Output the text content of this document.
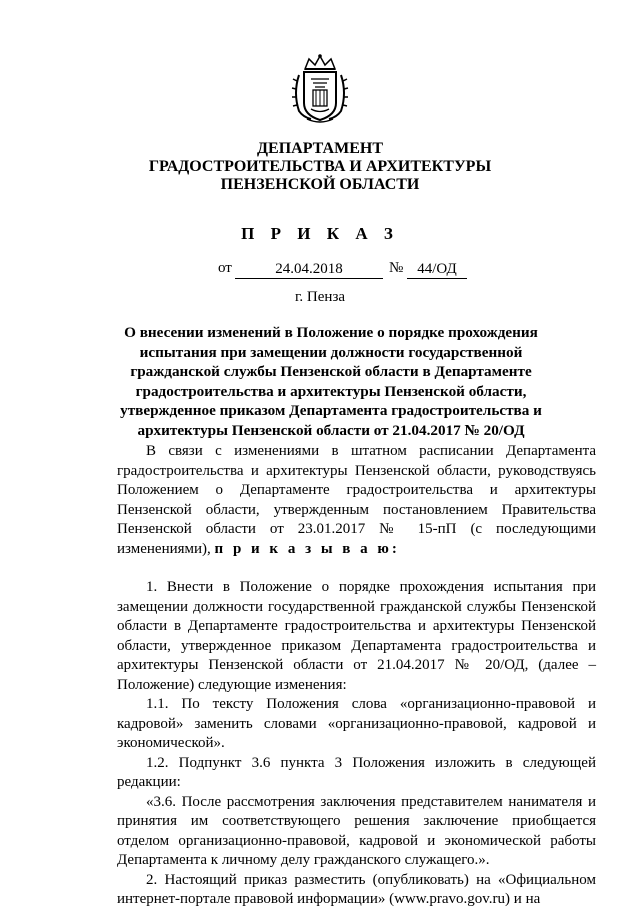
ДЕПАРТАМЕНТ
ГРАДОСТРОИТЕЛЬСТВА И АРХИТЕКТУРЫ
ПЕНЗЕНСКОЙ ОБЛАСТИ
П Р И К А З
от	24.04.2018	№ 44/ОД
г. Пенза
О внесении изменений в Положение о порядке прохождения испытания при замещении должности государственной гражданской службы Пензенской области в Департаменте градостроительства и архитектуры Пензенской области, утвержденное приказом Департамента градостроительства и архитектуры Пензенской области от 21.04.2017 № 20/ОД

В связи с изменениями в штатном расписании Департамента градостроительства и архитектуры Пензенской области, руководствуясь Положением о Департаменте градостроительства и архитектуры Пензенской области, утвержденным постановлением Правительства Пензенской области от 23.01.2017 № 15-пП (с последующими изменениями), п р и к а з ы в а ю:

1. Внести в Положение о порядке прохождения испытания при замещении должности государственной гражданской службы Пензенской области в Департаменте градостроительства и архитектуры Пензенской области, утвержденное приказом Департамента градостроительства и архитектуры Пензенской области от 21.04.2017 № 20/ОД, (далее – Положение) следующие изменения:

1.1. По тексту Положения слова «организационно-правовой и кадровой» заменить словами «организационно-правовой, кадровой и экономической».

1.2. Подпункт 3.6 пункта 3 Положения изложить в следующей редакции:

«3.6. После рассмотрения заключения представителем нанимателя и принятия им соответствующего решения заключение приобщается отделом организационно-правовой, кадровой и экономической работы Департамента к личному делу гражданского служащего.».

2. Настоящий приказ разместить (опубликовать) на «Официальном интернет-портале правовой информации» (www.pravo.gov.ru) и на
